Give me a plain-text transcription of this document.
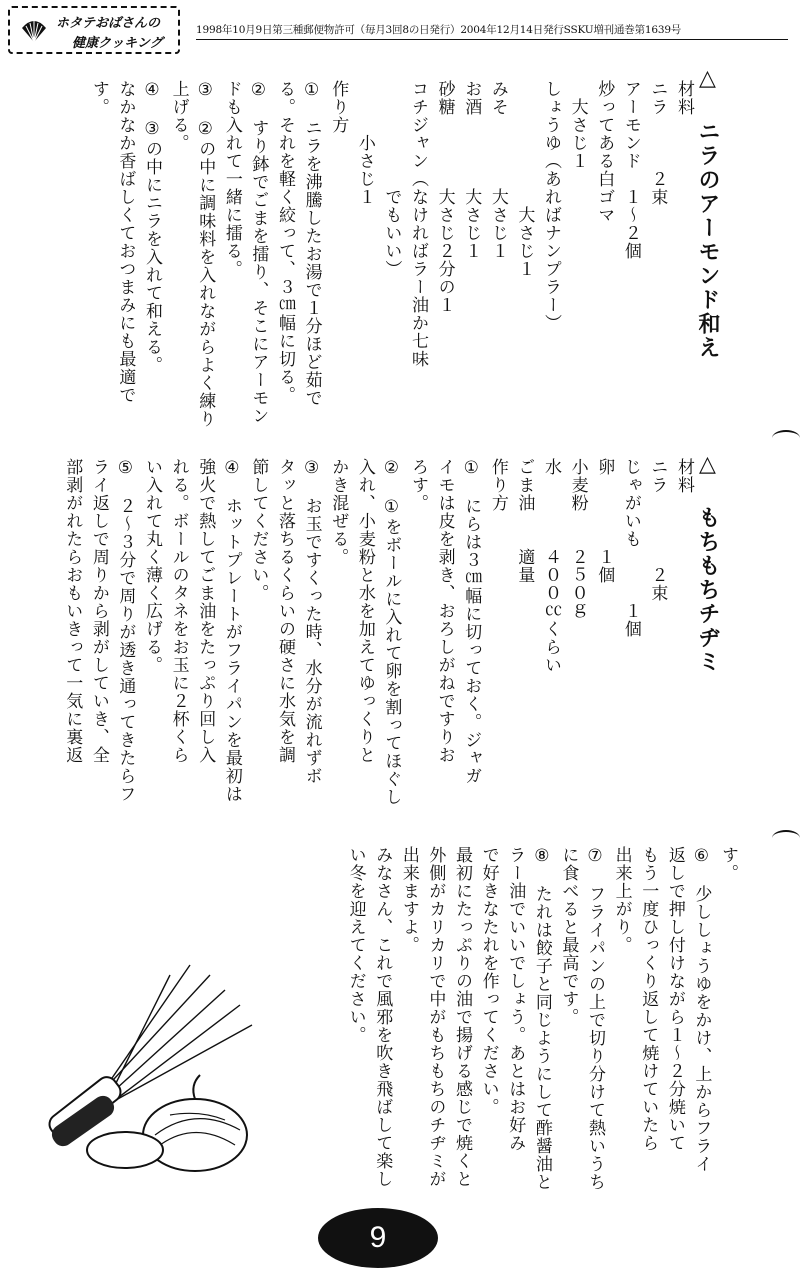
ホタテおばさんの
健康クッキング
1998年10月9日第三種郵便物許可（毎月3回8の日発行）2004年12月14日発行SSKU増刊通巻第1639号
△ ニラのアーモンド和え
材料
ニラ　　　２束
アーモンド　１〜２個
炒ってある白ゴマ
　大さじ１
しょうゆ（あればナンプラー）
　　　　　　　大さじ１
みそ　　　　大さじ１
お酒　　　　大さじ１
砂糖　　　　大さじ２分の１
コチジャン（なければラー油か七味
　　　　　　でもいい）
　　　小さじ１
作り方
①　ニラを沸騰したお湯で１分ほど茹で
る。それを軽く絞って、３㎝幅に切る。
②　すり鉢でごまを擂り、そこにアーモン
ドも入れて一緒に擂る。
③　②の中に調味料を入れながらよく練り
上げる。
④　③の中にニラを入れて和える。
なかなか香ばしくておつまみにも最適で
す。
△ もちもちチヂミ
材料
ニラ　　　　２束
じゃがいも　　　１個
卵　　　　１個
小麦粉　　２５０ｇ
水　　　　４００㏄くらい
ごま油　　適量
作り方
①　にらは３㎝幅に切っておく。ジャガ
イモは皮を剥き、おろしがねですりお
ろす。
②　①をボールに入れて卵を割ってほぐし
入れ、小麦粉と水を加えてゆっくりと
かき混ぜる。
③　お玉ですくった時、水分が流れずボ
タッと落ちるくらいの硬さに水気を調
節してください。
④　ホットプレートがフライパンを最初は
強火で熱してごま油をたっぷり回し入
れる。ボールのタネをお玉に２杯くら
い入れて丸く薄く広げる。
⑤　２〜３分で周りが透き通ってきたらフ
ライ返しで周りから剥がしていき、全
部剥がれたらおもいきって一気に裏返
す。
⑥　少ししょうゆをかけ、上からフライ
返しで押し付けながら１〜２分焼いて
もう一度ひっくり返して焼けていたら
出来上がり。
⑦　フライパンの上で切り分けて熱いうち
に食べると最高です。
⑧　たれは餃子と同じようにして酢醤油と
ラー油でいいでしょう。あとはお好み
で好きなたれを作ってください。
最初にたっぷりの油で揚げる感じで焼くと
外側がカリカリで中がもちもちのチヂミが
出来ますよ。
みなさん、これで風邪を吹き飛ばして楽し
い冬を迎えてください。
9
